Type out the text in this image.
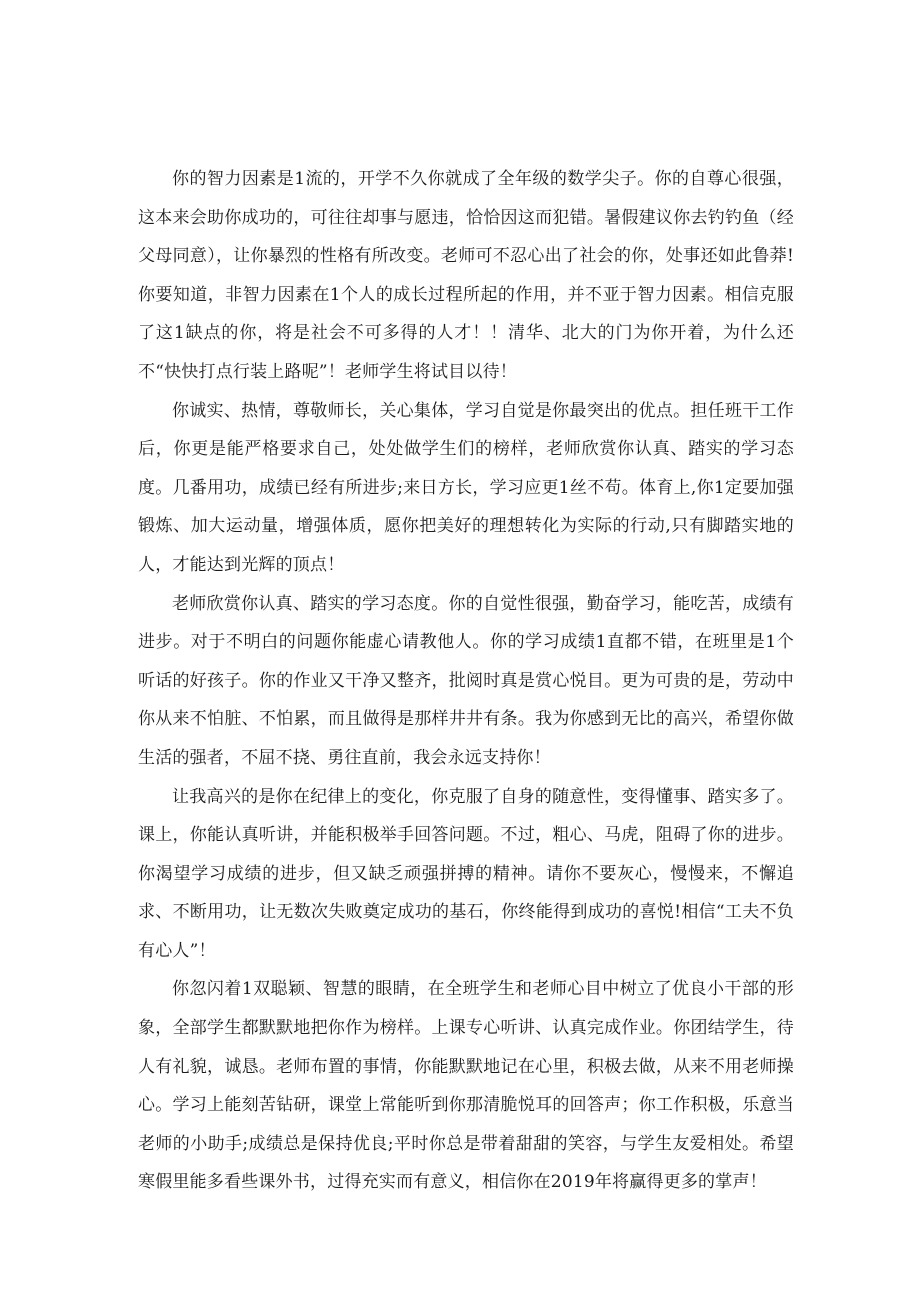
你的智力因素是1流的，开学不久你就成了全年级的数学尖子。你的自尊心很强，这本来会助你成功的，可往往却事与愿违，恰恰因这而犯错。暑假建议你去钓钓鱼（经父母同意），让你暴烈的性格有所改变。老师可不忍心出了社会的你，处事还如此鲁莽!你要知道，非智力因素在1个人的成长过程所起的作用，并不亚于智力因素。相信克服了这1缺点的你，将是社会不可多得的人才！！清华、北大的门为你开着，为什么还不“快快打点行装上路呢”！老师学生将试目以待！

你诚实、热情，尊敬师长，关心集体，学习自觉是你最突出的优点。担任班干工作后，你更是能严格要求自己，处处做学生们的榜样，老师欣赏你认真、踏实的学习态度。几番用功，成绩已经有所进步;来日方长，学习应更1丝不苟。体育上,你1定要加强锻炼、加大运动量，增强体质，愿你把美好的理想转化为实际的行动,只有脚踏实地的人，才能达到光辉的顶点！

老师欣赏你认真、踏实的学习态度。你的自觉性很强，勤奋学习，能吃苦，成绩有进步。对于不明白的问题你能虚心请教他人。你的学习成绩1直都不错，在班里是1个听话的好孩子。你的作业又干净又整齐，批阅时真是赏心悦目。更为可贵的是，劳动中你从来不怕脏、不怕累，而且做得是那样井井有条。我为你感到无比的高兴，希望你做生活的强者，不屈不挠、勇往直前，我会永远支持你！

让我高兴的是你在纪律上的变化，你克服了自身的随意性，变得懂事、踏实多了。课上，你能认真听讲，并能积极举手回答问题。不过，粗心、马虎，阻碍了你的进步。你渴望学习成绩的进步，但又缺乏顽强拼搏的精神。请你不要灰心，慢慢来，不懈追求、不断用功，让无数次失败奠定成功的基石，你终能得到成功的喜悦!相信“工夫不负有心人”！

你忽闪着1双聪颖、智慧的眼睛，在全班学生和老师心目中树立了优良小干部的形象，全部学生都默默地把你作为榜样。上课专心听讲、认真完成作业。你团结学生，待人有礼貌，诚恳。老师布置的事情，你能默默地记在心里，积极去做，从来不用老师操心。学习上能刻苦钻研，课堂上常能听到你那清脆悦耳的回答声；你工作积极，乐意当老师的小助手;成绩总是保持优良;平时你总是带着甜甜的笑容，与学生友爱相处。希望寒假里能多看些课外书，过得充实而有意义，相信你在2019年将赢得更多的掌声！
